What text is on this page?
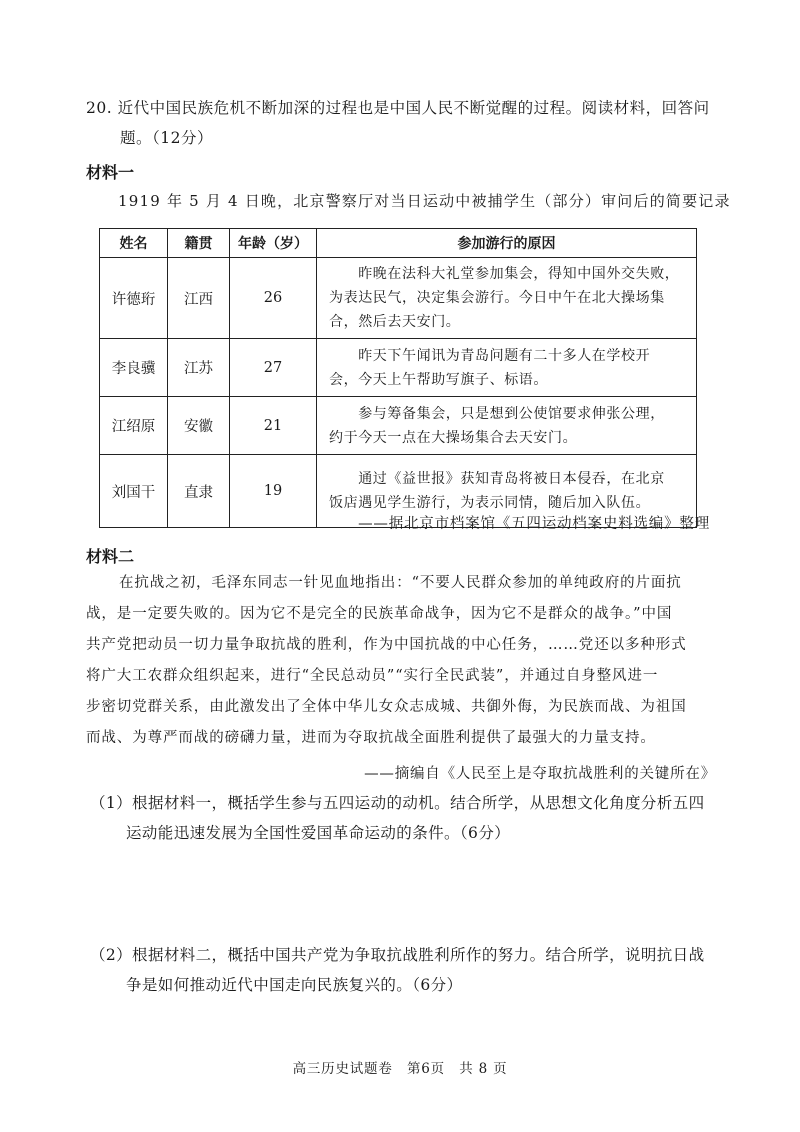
20. 近代中国民族危机不断加深的过程也是中国人民不断觉醒的过程。阅读材料，回答问
题。（12分）
材料一
1919 年 5 月 4 日晚，北京警察厅对当日运动中被捕学生（部分）审问后的简要记录
姓名	籍贯	年龄（岁）	参加游行的原因
许德珩	江西	26	　　昨晚在法科大礼堂参加集会，得知中国外交失败，
为表达民气，决定集会游行。今日中午在北大操场集
合，然后去天安门。

李良骥	江苏	27	　　昨天下午闻讯为青岛问题有二十多人在学校开
会，今天上午帮助写旗子、标语。

江绍原	安徽	21	　　参与筹备集会，只是想到公使馆要求伸张公理，
约于今天一点在大操场集合去天安门。

刘国干	直隶	19	　　通过《益世报》获知青岛将被日本侵吞，在北京
饭店遇见学生游行，为表示同情，随后加入队伍。
——据北京市档案馆《五四运动档案史料选编》整理
材料二
在抗战之初，毛泽东同志一针见血地指出：“不要人民群众参加的单纯政府的片面抗
战，是一定要失败的。因为它不是完全的民族革命战争，因为它不是群众的战争。”中国
共产党把动员一切力量争取抗战的胜利，作为中国抗战的中心任务，……党还以多种形式
将广大工农群众组织起来，进行“全民总动员”“实行全民武装”，并通过自身整风进一
步密切党群关系，由此激发出了全体中华儿女众志成城、共御外侮，为民族而战、为祖国
而战、为尊严而战的磅礴力量，进而为夺取抗战全面胜利提供了最强大的力量支持。
——摘编自《人民至上是夺取抗战胜利的关键所在》
（1）根据材料一，概括学生参与五四运动的动机。结合所学，从思想文化角度分析五四
运动能迅速发展为全国性爱国革命运动的条件。（6分）
（2）根据材料二，概括中国共产党为争取抗战胜利所作的努力。结合所学，说明抗日战
争是如何推动近代中国走向民族复兴的。（6分）
高三历史试题卷　第6页　共 8 页
